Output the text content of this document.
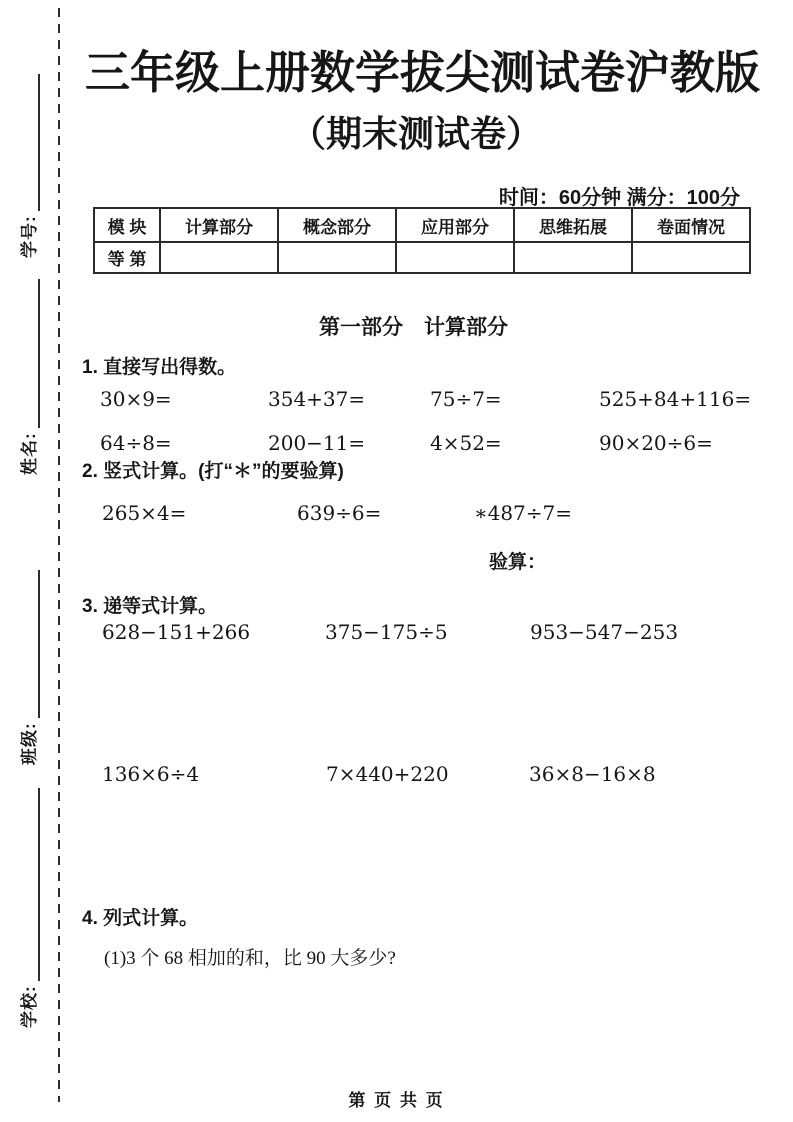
学号:
姓名:
班级:
学校:
三年级上册数学拔尖测试卷沪教版
（期末测试卷）
时间：60分钟 满分：100分
模 块	计算部分	概念部分	应用部分	思维拓展	卷面情况
等 第					
第一部分　计算部分
1. 直接写出得数。
30×9=	354+37=	75÷7=	525+84+116=
64÷8=	200−11=	4×52=	90×20÷6=
2. 竖式计算。(打“＊”的要验算)
265×4=	639÷6=	∗487÷7=
验算：
3. 递等式计算。
628−151+266	375−175÷5	953−547−253
136×6÷4	7×440+220	36×8−16×8
4. 列式计算。
(1)3 个 68 相加的和，比 90 大多少?
第 页 共 页
